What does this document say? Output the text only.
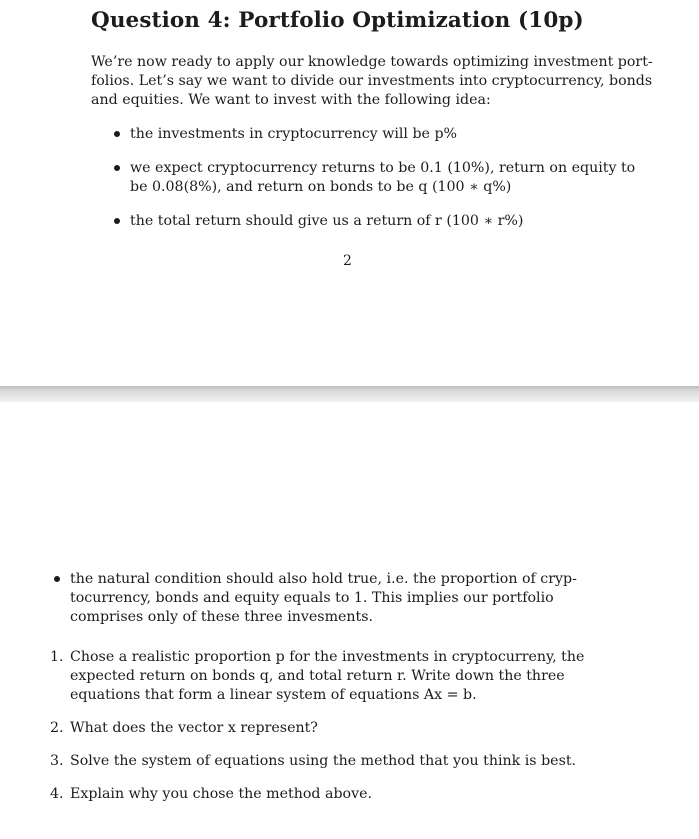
Question 4: Portfolio Optimization (10p)

We’re now ready to apply our knowledge towards optimizing investment port-
folios. Let’s say we want to divide our investments into cryptocurrency, bonds
and equities. We want to invest with the following idea:

the investments in cryptocurrency will be p%
we expect cryptocurrency returns to be 0.1 (10%), return on equity to
be 0.08(8%), and return on bonds to be q (100 ∗ q%)
the total return should give us a return of r (100 ∗ r%)
2
the natural condition should also hold true, i.e. the proportion of cryp-
tocurrency, bonds and equity equals to 1. This implies our portfolio
comprises only of these three invesments.
1. Chose a realistic proportion p for the investments in cryptocurreny, the
expected return on bonds q, and total return r. Write down the three
equations that form a linear system of equations Ax = b.
2. What does the vector x represent?
3. Solve the system of equations using the method that you think is best.
4. Explain why you chose the method above.
